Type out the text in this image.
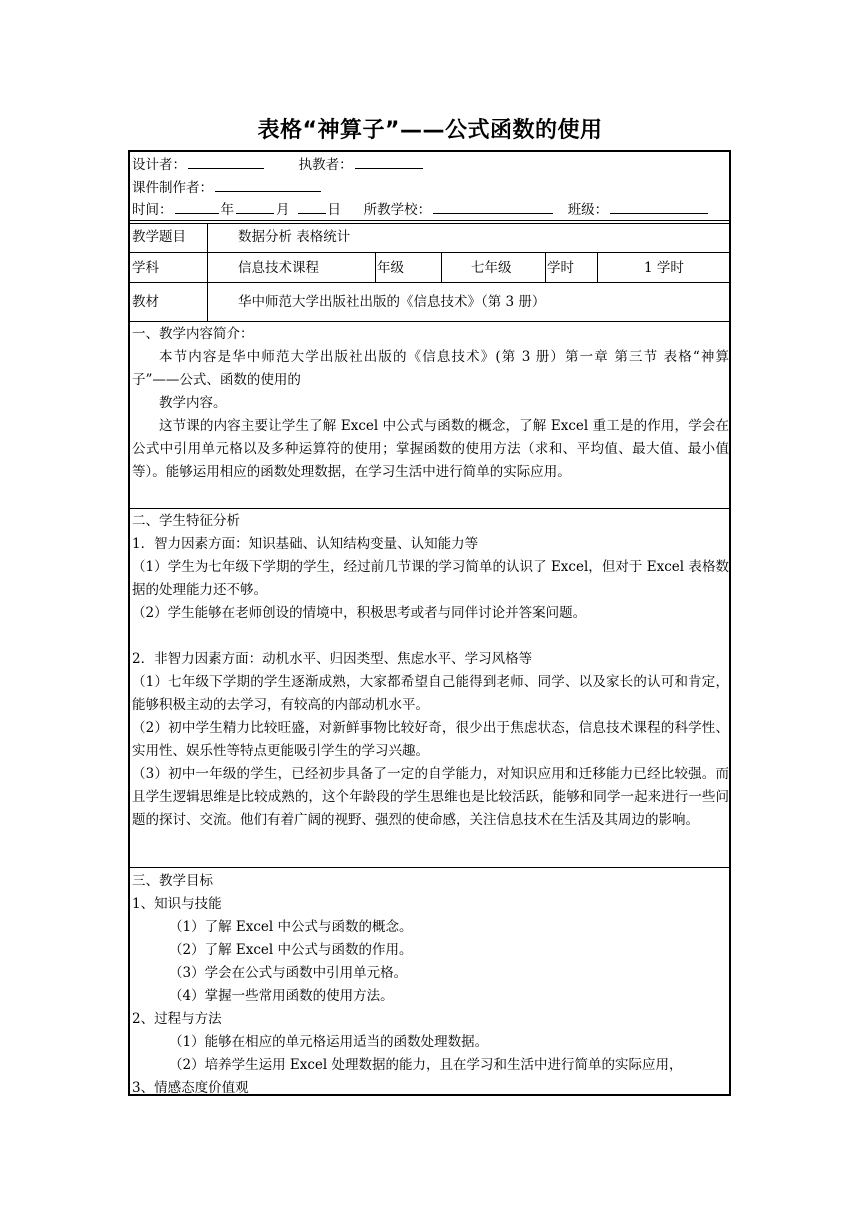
表格“神算子”——公式函数的使用
设计者：	执教者：
课件制作者：
时间：	年	月	日 所教学校：	班级：
教学题目	数据分析 表格统计
学科	信息技术课程	年级	七年级	学时	1 学时
教材	华中师范大学出版社出版的《信息技术》（第 3 册）

一、教学内容简介：

本节内容是华中师范大学出版社出版的《信息技术》(第 3 册）第一章 第三节 表格“神算子”——公式、函数的使用的

教学内容。

这节课的内容主要让学生了解 Excel 中公式与函数的概念，了解 Excel 重工是的作用，学会在公式中引用单元格以及多种运算符的使用；掌握函数的使用方法（求和、平均值、最大值、最小值等）。能够运用相应的函数处理数据，在学习生活中进行简单的实际应用。

二、学生特征分析

1．智力因素方面：知识基础、认知结构变量、认知能力等

（1）学生为七年级下学期的学生，经过前几节课的学习简单的认识了 Excel，但对于 Excel 表格数据的处理能力还不够。

（2）学生能够在老师创设的情境中，积极思考或者与同伴讨论并答案问题。

2．非智力因素方面：动机水平、归因类型、焦虑水平、学习风格等

（1）七年级下学期的学生逐渐成熟，大家都希望自己能得到老师、同学、以及家长的认可和肯定，能够积极主动的去学习，有较高的内部动机水平。

（2）初中学生精力比较旺盛，对新鲜事物比较好奇，很少出于焦虑状态，信息技术课程的科学性、实用性、娱乐性等特点更能吸引学生的学习兴趣。

（3）初中一年级的学生，已经初步具备了一定的自学能力，对知识应用和迁移能力已经比较强。而且学生逻辑思维是比较成熟的，这个年龄段的学生思维也是比较活跃，能够和同学一起来进行一些问题的探讨、交流。他们有着广阔的视野、强烈的使命感，关注信息技术在生活及其周边的影响。

三、教学目标

1、知识与技能

（1）了解 Excel 中公式与函数的概念。

（2）了解 Excel 中公式与函数的作用。

（3）学会在公式与函数中引用单元格。

（4）掌握一些常用函数的使用方法。

2、过程与方法

（1）能够在相应的单元格运用适当的函数处理数据。

（2）培养学生运用 Excel 处理数据的能力，且在学习和生活中进行简单的实际应用，

3、情感态度价值观
